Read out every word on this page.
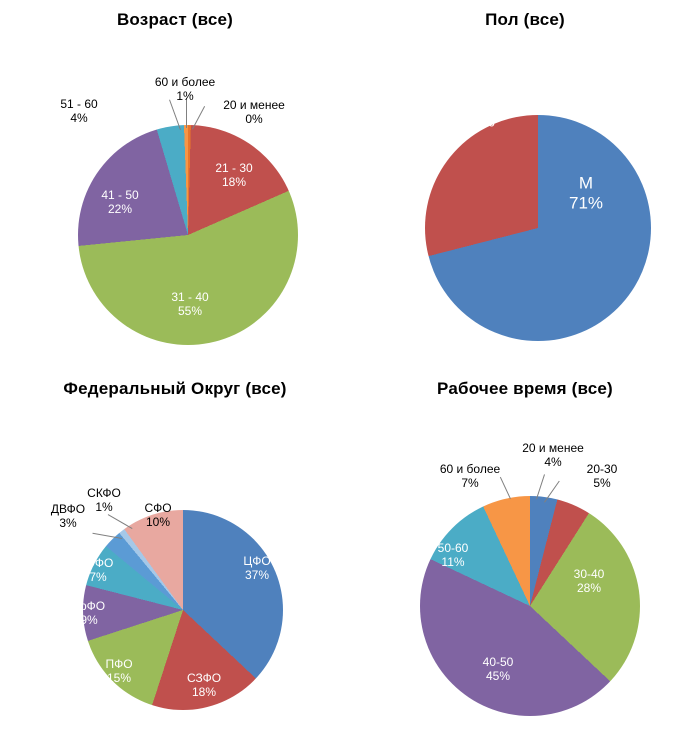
Возраст (все)
60 и более
1%
51 - 60
4%
20 и менее
0%
21 - 30
18%
31 - 40
55%
41 - 50
22%
Пол (все)
М
71%
Ж
29%
Федеральный Округ (все)
СКФО
1%
ДВФО
3%
СФО
10%
ЦФО
37%
СЗФО
18%
ПФО
15%
УрФО
9%
ЮФО
7%
Рабочее время (все)
20 и менее
4%
20-30
5%
60 и более
7%
30-40
28%
40-50
45%
50-60
11%
